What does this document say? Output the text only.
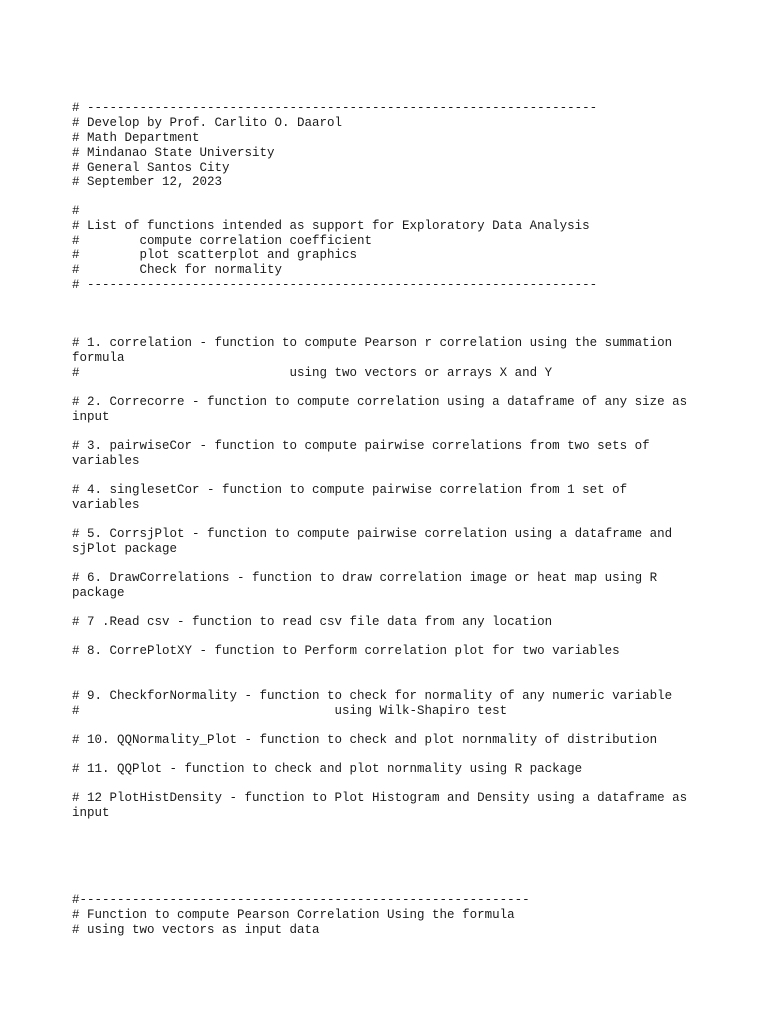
# --------------------------------------------------------------------

# Develop by Prof. Carlito O. Daarol

# Math Department

# Mindanao State University

# General Santos City

# September 12, 2023

#

# List of functions intended as support for Exploratory Data Analysis

#        compute correlation coefficient

#        plot scatterplot and graphics

#        Check for normality

# --------------------------------------------------------------------

# 1. correlation - function to compute Pearson r correlation using the summation

formula

#                            using two vectors or arrays X and Y

# 2. Correcorre - function to compute correlation using a dataframe of any size as

input

# 3. pairwiseCor - function to compute pairwise correlations from two sets of

variables

# 4. singlesetCor - function to compute pairwise correlation from 1 set of

variables

# 5. CorrsjPlot - function to compute pairwise correlation using a dataframe and

sjPlot package

# 6. DrawCorrelations - function to draw correlation image or heat map using R

package

# 7 .Read csv - function to read csv file data from any location

# 8. CorrePlotXY - function to Perform correlation plot for two variables

# 9. CheckforNormality - function to check for normality of any numeric variable

#                                  using Wilk-Shapiro test

# 10. QQNormality_Plot - function to check and plot nornmality of distribution

# 11. QQPlot - function to check and plot nornmality using R package

# 12 PlotHistDensity - function to Plot Histogram and Density using a dataframe as

input

#------------------------------------------------------------

# Function to compute Pearson Correlation Using the formula

# using two vectors as input data
